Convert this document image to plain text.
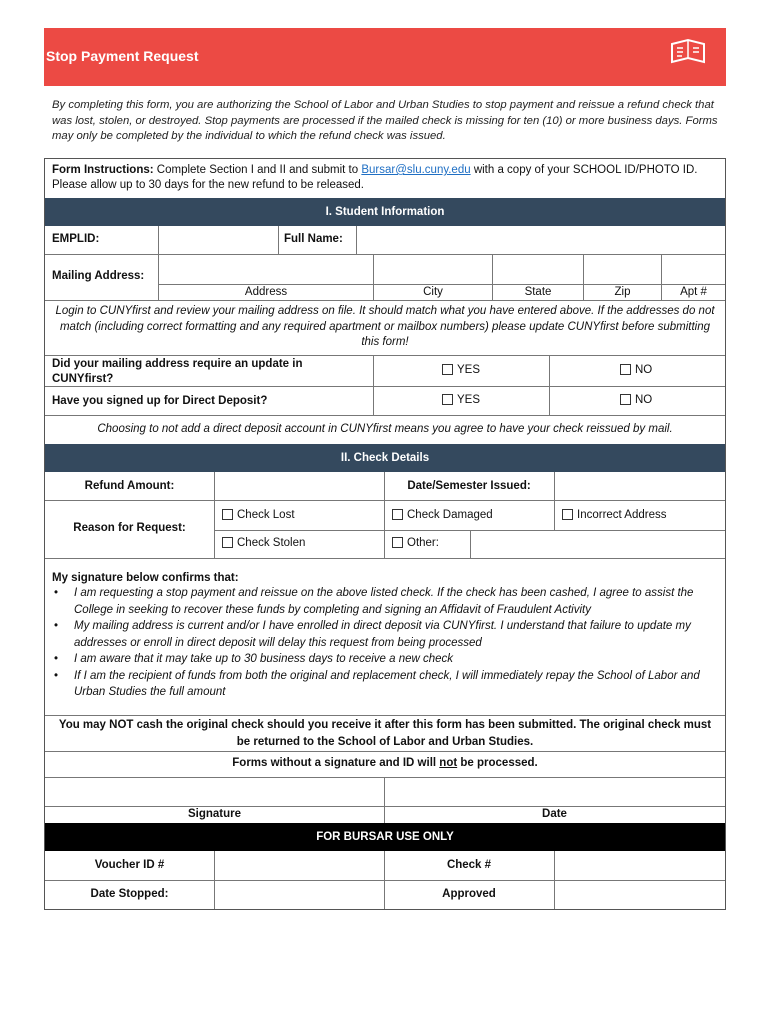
Stop Payment Request
By completing this form, you are authorizing the School of Labor and Urban Studies to stop payment and reissue a refund check that was lost, stolen, or destroyed. Stop payments are processed if the mailed check is missing for ten (10) or more business days. Forms may only be completed by the individual to which the refund check was issued.
Form Instructions: Complete Section I and II and submit to Bursar@slu.cuny.edu with a copy of your SCHOOL ID/PHOTO ID. Please allow up to 30 days for the new refund to be released.
I. Student Information
EMPLID:	Full Name:
Mailing Address:
Address	City	State	Zip	Apt #
Login to CUNYfirst and review your mailing address on file. It should match what you have entered above. If the addresses do not match (including correct formatting and any required apartment or mailbox numbers) please update CUNYfirst before submitting this form!
Did your mailing address require an update in CUNYfirst?
YES	NO
Have you signed up for Direct Deposit?	YES	NO
Choosing to not add a direct deposit account in CUNYfirst means you agree to have your check reissued by mail.
II. Check Details
Refund Amount:	Date/Semester Issued:
Reason for Request:
Check Lost	Check Damaged	Incorrect Address
Check Stolen	Other:
My signature below confirms that:
• I am requesting a stop payment and reissue on the above listed check. If the check has been cashed, I agree to assist the College in seeking to recover these funds by completing and signing an Affidavit of Fraudulent Activity
• My mailing address is current and/or I have enrolled in direct deposit via CUNYfirst. I understand that failure to update my addresses or enroll in direct deposit will delay this request from being processed
• I am aware that it may take up to 30 business days to receive a new check
• If I am the recipient of funds from both the original and replacement check, I will immediately repay the School of Labor and Urban Studies the full amount
You may NOT cash the original check should you receive it after this form has been submitted. The original check must be returned to the School of Labor and Urban Studies.
Forms without a signature and ID will not be processed.
Signature	Date
FOR BURSAR USE ONLY
Voucher ID #	Check #
Date Stopped:	Approved
